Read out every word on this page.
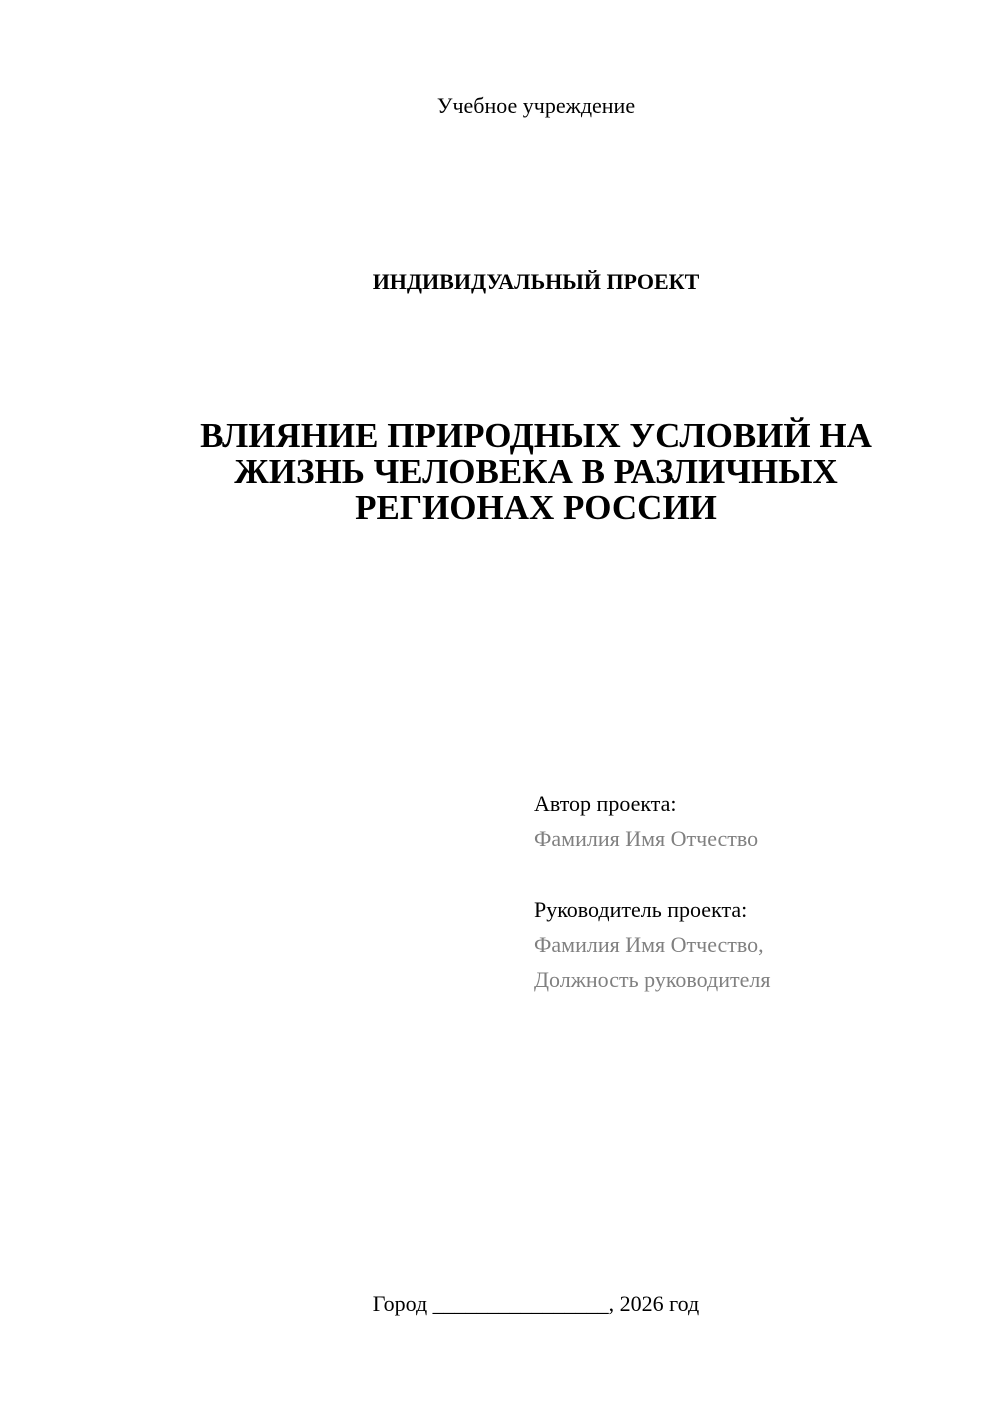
Учебное учреждение
ИНДИВИДУАЛЬНЫЙ ПРОЕКТ
ВЛИЯНИЕ ПРИРОДНЫХ УСЛОВИЙ НА
ЖИЗНЬ ЧЕЛОВЕКА В РАЗЛИЧНЫХ
РЕГИОНАХ РОССИИ
Автор проекта:
Фамилия Имя Отчество
Руководитель проекта:
Фамилия Имя Отчество,
Должность руководителя
Город ________________, 2026 год
